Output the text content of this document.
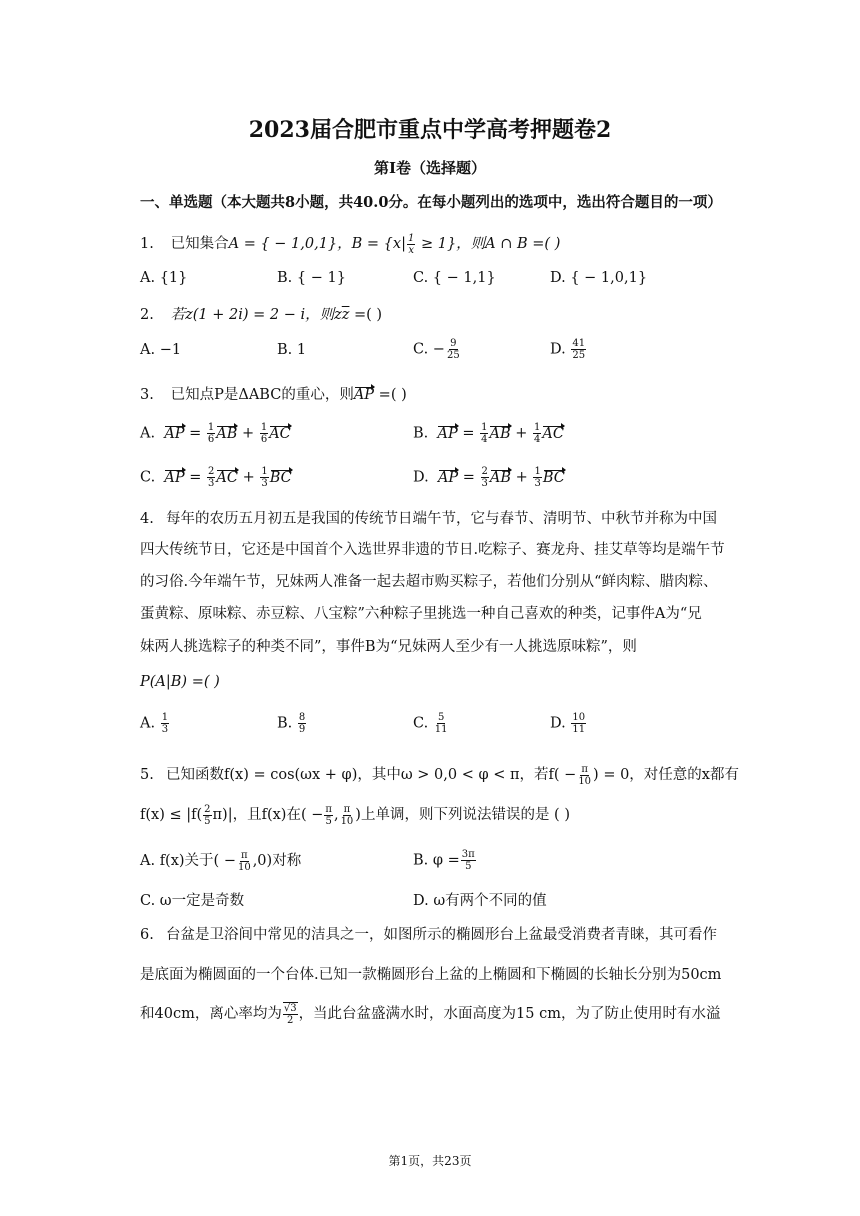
2023届合肥市重点中学高考押题卷2
第I卷（选择题）
一、单选题（本大题共8小题，共40.0分。在每小题列出的选项中，选出符合题目的一项）
1. 已知集合A = { − 1,0,1}，$B = \{x| \frac{1}{x} \ge 1\}$，则A ∩ B =( )
A. {1}	B. { − 1}	C. { − 1,1}	D. { − 1,0,1}
2. 若z(1 + 2i) = 2 − i，则$z\overline{z}$ =( )
A. −1	B. 1	C. − $\frac{9}{25}$	D. $\frac{41}{25}$
3. 已知点P是ΔABC的重心，则AP =( )
A. AP = $\frac{1}{6}$ AB + $\frac{1}{6}$ AC	B. AP = $\frac{1}{4}$ AB + $\frac{1}{4}$ AC
C. AP = $\frac{2}{3}$ AC + $\frac{1}{3}$ BC	D. AP = $\frac{2}{3}$ AB + $\frac{1}{3}$ BC
4. 每年的农历五月初五是我国的传统节日端午节，它与春节、清明节、中秋节并称为中国
四大传统节日，它还是中国首个入选世界非遗的节日.吃粽子、赛龙舟、挂艾草等均是端午节
的习俗.今年端午节，兄妹两人准备一起去超市购买粽子，若他们分别从“鲜肉粽、腊肉粽、
蛋黄粽、原味粽、赤豆粽、八宝粽”六种粽子里挑选一种自己喜欢的种类，记事件A为“兄
妹两人挑选粽子的种类不同”，事件B为“兄妹两人至少有一人挑选原味粽”，则
P(A|B) =( )
A. $\frac{1}{3}$	B. $\frac{8}{9}$	C. $\frac{5}{11}$	D. $\frac{10}{11}$
5. 已知函数f(x) = cos(ωx + φ)，其中ω > 0,0 < φ < π，若$f( - \frac{\pi}{10}$ ) = 0，对任意的x都有
$f(x) \le |f( \frac{2}{5} \pi)|$，且f(x)在( − $\frac{\pi}{5}$ , $\frac{\pi}{10}$ )上单调，则下列说法错误的是 ( )
A. f(x)关于( − $\frac{\pi}{10} ,0$)对称	B. $\varphi = \frac{3\pi}{5}$
C. ω一定是奇数	D. ω有两个不同的值
6. 台盆是卫浴间中常见的洁具之一，如图所示的椭圆形台上盆最受消费者青睐，其可看作
是底面为椭圆面的一个台体.已知一款椭圆形台上盆的上椭圆和下椭圆的长轴长分别为50cm
和40cm，离心率均为 $\frac{√3}{2}$ ，当此台盆盛满水时，水面高度为15 cm，为了防止使用时有水溢
第1页，共23页
